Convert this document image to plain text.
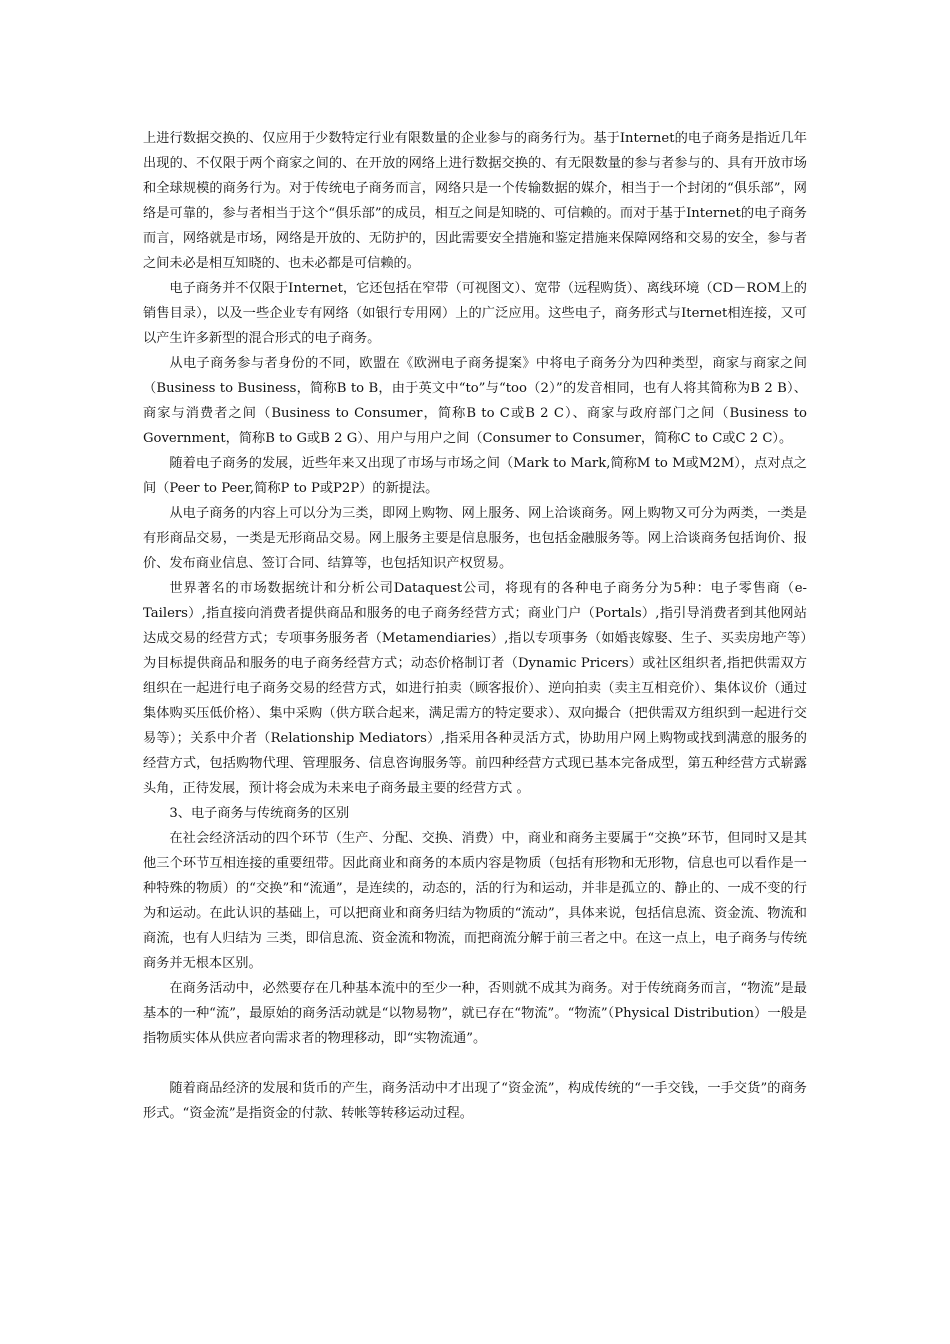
上进行数据交换的、仅应用于少数特定行业有限数量的企业参与的商务行为。基于Internet的电子商务是指近几年出现的、不仅限于两个商家之间的、在开放的网络上进行数据交换的、有无限数量的参与者参与的、具有开放市场和全球规模的商务行为。对于传统电子商务而言，网络只是一个传输数据的媒介，相当于一个封闭的“俱乐部”，网络是可靠的，参与者相当于这个“俱乐部”的成员，相互之间是知晓的、可信赖的。而对于基于Internet的电子商务而言，网络就是市场，网络是开放的、无防护的，因此需要安全措施和鉴定措施来保障网络和交易的安全，参与者之间未必是相互知晓的、也未必都是可信赖的。

电子商务并不仅限于Internet，它还包括在窄带（可视图文）、宽带（远程购货）、离线环境（CD－ROM上的销售目录），以及一些企业专有网络（如银行专用网）上的广泛应用。这些电子，商务形式与Iternet相连接，又可以产生许多新型的混合形式的电子商务。

从电子商务参与者身份的不同，欧盟在《欧洲电子商务提案》中将电子商务分为四种类型，商家与商家之间（Business to Business，简称B to B，由于英文中“to”与“too（2）”的发音相同，也有人将其简称为B 2 B）、商家与消费者之间（Business to Consumer，简称B to C或B 2 C）、商家与政府部门之间（Business to Government，简称B to G或B 2 G）、用户与用户之间（Consumer to Consumer，简称C to C或C 2 C）。

随着电子商务的发展，近些年来又出现了市场与市场之间（Mark to Mark,简称M to M或M2M），点对点之间（Peer to Peer,简称P to P或P2P）的新提法。

从电子商务的内容上可以分为三类，即网上购物、网上服务、网上洽谈商务。网上购物又可分为两类，一类是有形商品交易，一类是无形商品交易。网上服务主要是信息服务，也包括金融服务等。网上洽谈商务包括询价、报价、发布商业信息、签订合同、结算等，也包括知识产权贸易。

世界著名的市场数据统计和分析公司Dataquest公司，将现有的各种电子商务分为5种：电子零售商（e-Tailers）,指直接向消费者提供商品和服务的电子商务经营方式；商业门户（Portals）,指引导消费者到其他网站达成交易的经营方式；专项事务服务者（Metamendiaries）,指以专项事务（如婚丧嫁娶、生子、买卖房地产等）为目标提供商品和服务的电子商务经营方式；动态价格制订者（Dynamic Pricers）或社区组织者,指把供需双方组织在一起进行电子商务交易的经营方式，如进行拍卖（顾客报价）、逆向拍卖（卖主互相竞价）、集体议价（通过集体购买压低价格）、集中采购（供方联合起来，满足需方的特定要求）、双向撮合（把供需双方组织到一起进行交易等）；关系中介者（Relationship Mediators）,指采用各种灵活方式，协助用户网上购物或找到满意的服务的经营方式，包括购物代理、管理服务、信息咨询服务等。前四种经营方式现已基本完备成型，第五种经营方式崭露头角，正待发展，预计将会成为未来电子商务最主要的经营方式 。

3、电子商务与传统商务的区别

在社会经济活动的四个环节（生产、分配、交换、消费）中，商业和商务主要属于“交换”环节，但同时又是其他三个环节互相连接的重要纽带。因此商业和商务的本质内容是物质（包括有形物和无形物，信息也可以看作是一种特殊的物质）的“交换”和“流通”，是连续的，动态的，活的行为和运动，并非是孤立的、静止的、一成不变的行为和运动。在此认识的基础上，可以把商业和商务归结为物质的“流动”，具体来说，包括信息流、资金流、物流和商流，也有人归结为 三类，即信息流、资金流和物流，而把商流分解于前三者之中。在这一点上，电子商务与传统商务并无根本区别。

在商务活动中，必然要存在几种基本流中的至少一种，否则就不成其为商务。对于传统商务而言，“物流”是最基本的一种“流”，最原始的商务活动就是“以物易物”，就已存在“物流”。“物流”（Physical Distribution）一般是指物质实体从供应者向需求者的物理移动，即“实物流通”。

随着商品经济的发展和货币的产生，商务活动中才出现了“资金流”，构成传统的“一手交钱，一手交货”的商务形式。“资金流”是指资金的付款、转帐等转移运动过程。
